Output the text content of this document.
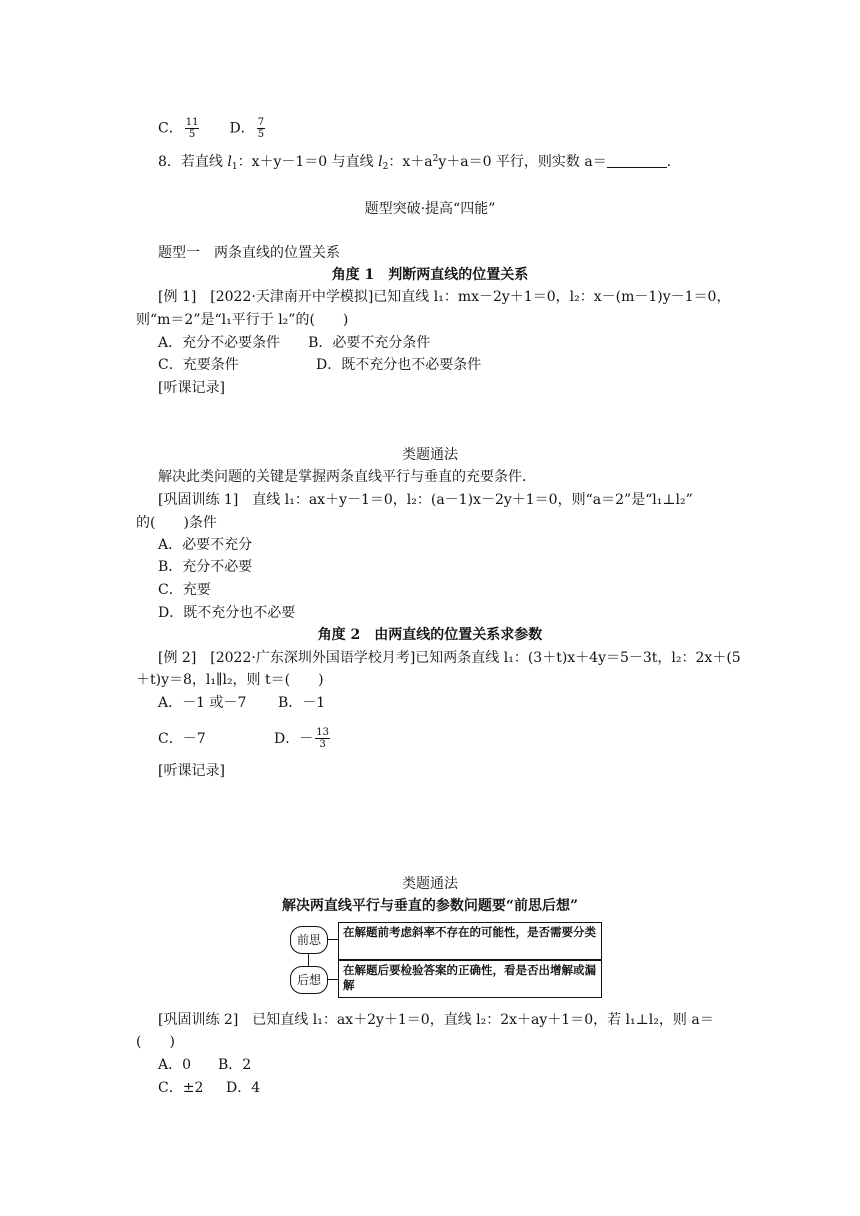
C． $\frac{11}{5}$ D． $\frac{7}{5}$
8．若直线 $l_1$：x＋y－1＝0 与直线 $l_2$：$x+a^2y+a=0$ 平行，则实数 a＝	．
题型突破·提高“四能”
题型一　两条直线的位置关系
角度 1　判断两直线的位置关系
[例 1]　[2022·天津南开中学模拟]已知直线 l₁：mx－2y＋1＝0，l₂：x－(m－1)y－1＝0，
则“m＝2”是“l₁平行于 l₂”的(　　)
A．充分不必要条件 B．必要不充分条件
C．充要条件	D．既不充分也不必要条件
[听课记录]
类题通法
解决此类问题的关键是掌握两条直线平行与垂直的充要条件．
[巩固训练 1]　直线 l₁：ax＋y－1＝0，l₂：(a－1)x－2y＋1＝0，则“a＝2”是“l₁⊥l₂”
的(　　)条件
A．必要不充分
B．充分不必要
C．充要
D．既不充分也不必要
角度 2　由两直线的位置关系求参数
[例 2]　[2022·广东深圳外国语学校月考]已知两条直线 l₁：(3＋t)x＋4y＝5－3t，l₂：2x＋(5
＋t)y＝8，l₁∥l₂，则 t＝(　　)
A．－1 或－7 B．－1
C．－7	D．－ $\frac{13}{3}$
[听课记录]
类题通法
解决两直线平行与垂直的参数问题要“前思后想”
前思
后想
在解题前考虑斜率不存在的可能性，是否需要分类
在解题后要检验答案的正确性，看是否出增解或漏解
[巩固训练 2]　已知直线 l₁：ax＋2y＋1＝0，直线 l₂：2x＋ay＋1＝0，若 l₁⊥l₂，则 a＝
(　　)
A．0 B．2
C．±2 D．4
